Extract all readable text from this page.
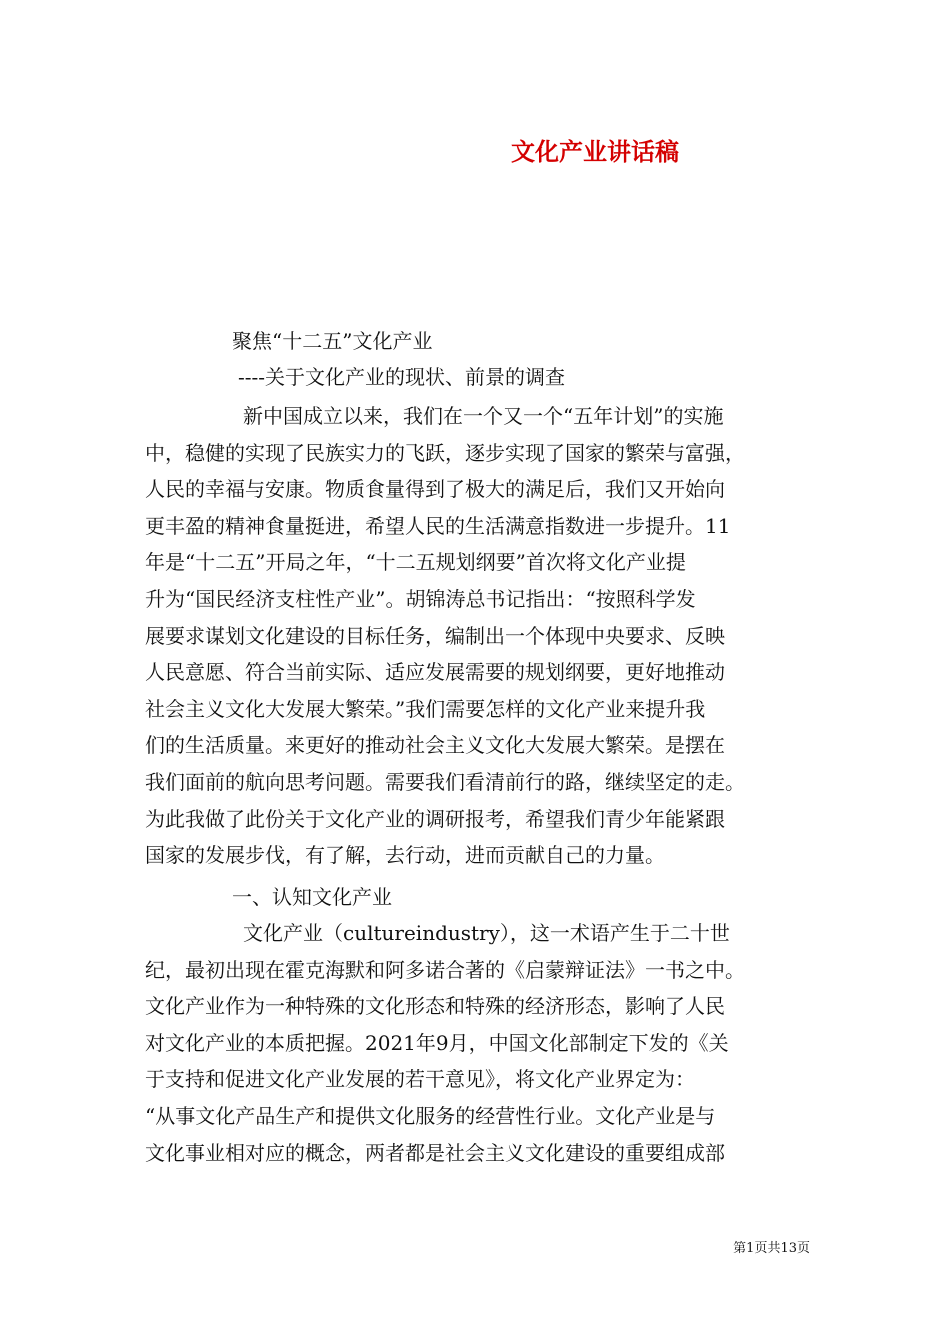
文化产业讲话稿

聚焦“十二五”文化产业

----关于文化产业的现状、前景的调查

新中国成立以来，我们在一个又一个“五年计划”的实施
中，稳健的实现了民族实力的飞跃，逐步实现了国家的繁荣与富强，
人民的幸福与安康。物质食量得到了极大的满足后，我们又开始向
更丰盈的精神食量挺进，希望人民的生活满意指数进一步提升。11
年是“十二五”开局之年，“十二五规划纲要”首次将文化产业提
升为“国民经济支柱性产业”。胡锦涛总书记指出：“按照科学发
展要求谋划文化建设的目标任务，编制出一个体现中央要求、反映
人民意愿、符合当前实际、适应发展需要的规划纲要，更好地推动
社会主义文化大发展大繁荣。”我们需要怎样的文化产业来提升我
们的生活质量。来更好的推动社会主义文化大发展大繁荣。是摆在
我们面前的航向思考问题。需要我们看清前行的路，继续坚定的走。
为此我做了此份关于文化产业的调研报考，希望我们青少年能紧跟
国家的发展步伐，有了解，去行动，进而贡献自己的力量。

一、认知文化产业

文化产业（cultureindustry），这一术语产生于二十世
纪，最初出现在霍克海默和阿多诺合著的《启蒙辩证法》一书之中。
文化产业作为一种特殊的文化形态和特殊的经济形态，影响了人民
对文化产业的本质把握。2021年9月，中国文化部制定下发的《关
于支持和促进文化产业发展的若干意见》，将文化产业界定为：
“从事文化产品生产和提供文化服务的经营性行业。文化产业是与
文化事业相对应的概念，两者都是社会主义文化建设的重要组成部

第1页共13页
